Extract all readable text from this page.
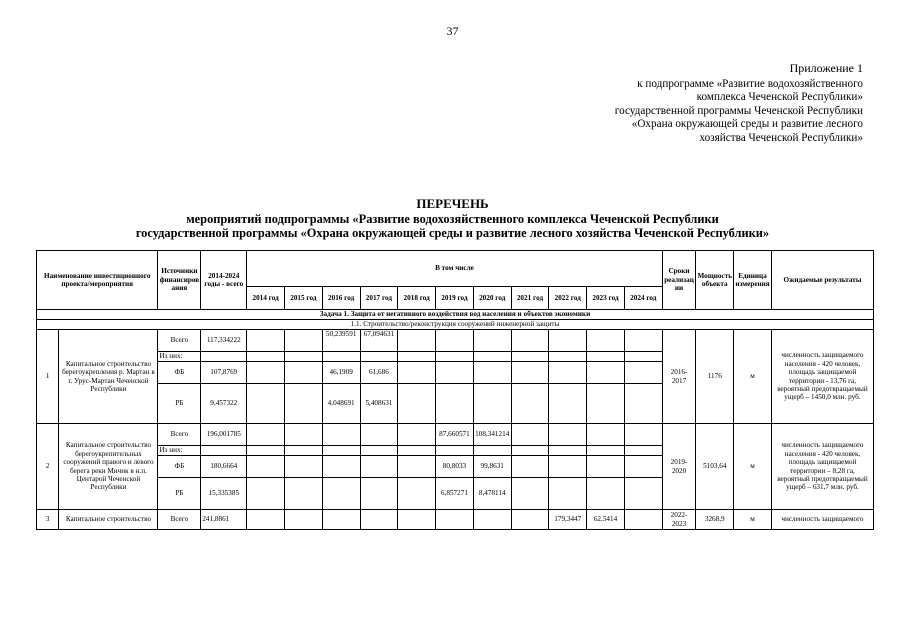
37
Приложение 1
к подпрограмме «Развитие водохозяйственного
комплекса Чеченской Республики»
государственной программы Чеченской Республики
«Охрана окружающей среды и развитие лесного
хозяйства Чеченской Республики»
ПЕРЕЧЕНЬ
мероприятий подпрограммы «Развитие водохозяйственного комплекса Чеченской Республики
государственной программы «Охрана окружающей среды и развитие лесного хозяйства Чеченской Республики»
Наименование инвестиционного проекта/мероприятия		Источники финансирования	2014-2024 годы - всего	В том числе											Сроки реализации	Мощность объекта	Единица измерения	Ожидаемые результаты
				2014 год	2015 год	2016 год	2017 год	2018 год	2019 год	2020 год	2021 год	2022 год	2023 год	2024 год				
Задача 1. Защита от негативного воздействия вод населения и объектов экономики																		
1.1. Строительство/реконструкция сооружений инженерной защиты																		
1	Капитальное строительство берегоукрепления р. Мартан в г. Урус-Мартан Чеченской Республики	Всего	117,334222			50,239591	67,094631								2016-2017	1176	м	численность защищаемого населения - 420 человек, площадь защищаемой территории - 13,76 га, вероятный предотвращаемый ущерб – 1450,0 млн. руб.
		Из них:																
		ФБ	107,8769			46,1909	61,686											
		РБ	9,457322			4,048691	5,408631											
2	Капитальное строительство берегоукрепительных сооружений правого и левого берега реки Мичик в н.п. Центарой Чеченской Республики	Всего	196,001785						87,660571	108,341214					2019-2020	5103,64	м	численность защищаемого населения - 420 человек, площадь защищаемой территории – 8,28 га, вероятный предотвращаемый ущерб – 631,7 млн. руб.
		Из них:																
		ФБ	180,6664						80,8033	99,8631								
		РБ	15,335385						6,857271	8,478114								
3	Капитальное строительство	Всего	241,8861									179,3447	62,5414		2022-2023	3268,9	м	численность защищаемого
